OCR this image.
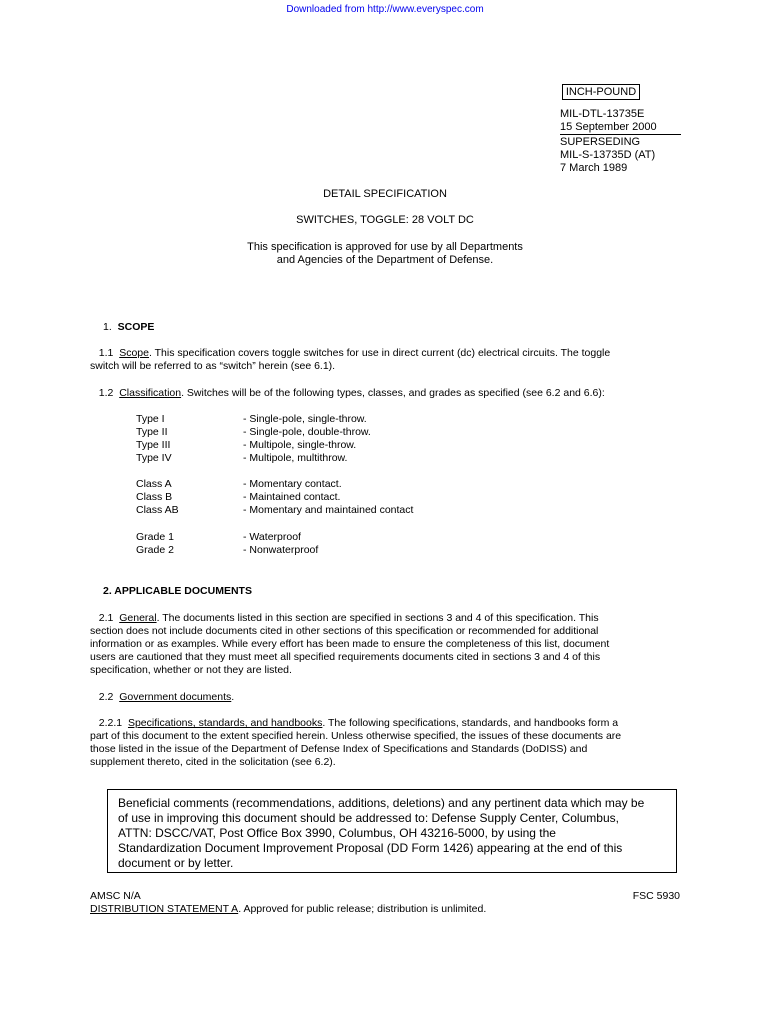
Downloaded from http://www.everyspec.com
INCH-POUND
MIL-DTL-13735E
15 September 2000
SUPERSEDING
MIL-S-13735D (AT)
7 March 1989
DETAIL SPECIFICATION
SWITCHES, TOGGLE: 28 VOLT DC
This specification is approved for use by all Departments
and Agencies of the Department of Defense.
1. SCOPE
1.1 Scope. This specification covers toggle switches for use in direct current (dc) electrical circuits. The toggle
switch will be referred to as “switch” herein (see 6.1).
1.2 Classification. Switches will be of the following types, classes, and grades as specified (see 6.2 and 6.6):
Type I	- Single-pole, single-throw.
Type II	- Single-pole, double-throw.
Type III	- Multipole, single-throw.
Type IV	- Multipole, multithrow.
Class A	- Momentary contact.
Class B	- Maintained contact.
Class AB	- Momentary and maintained contact
Grade 1	- Waterproof
Grade 2	- Nonwaterproof
2. APPLICABLE DOCUMENTS
2.1 General. The documents listed in this section are specified in sections 3 and 4 of this specification. This
section does not include documents cited in other sections of this specification or recommended for additional
information or as examples. While every effort has been made to ensure the completeness of this list, document
users are cautioned that they must meet all specified requirements documents cited in sections 3 and 4 of this
specification, whether or not they are listed.
2.2 Government documents.
2.2.1 Specifications, standards, and handbooks. The following specifications, standards, and handbooks form a
part of this document to the extent specified herein. Unless otherwise specified, the issues of these documents are
those listed in the issue of the Department of Defense Index of Specifications and Standards (DoDISS) and
supplement thereto, cited in the solicitation (see 6.2).
Beneficial comments (recommendations, additions, deletions) and any pertinent data which may be
of use in improving this document should be addressed to: Defense Supply Center, Columbus,
ATTN: DSCC/VAT, Post Office Box 3990, Columbus, OH 43216-5000, by using the
Standardization Document Improvement Proposal (DD Form 1426) appearing at the end of this
document or by letter.
AMSC N/A	FSC 5930
DISTRIBUTION STATEMENT A. Approved for public release; distribution is unlimited.
